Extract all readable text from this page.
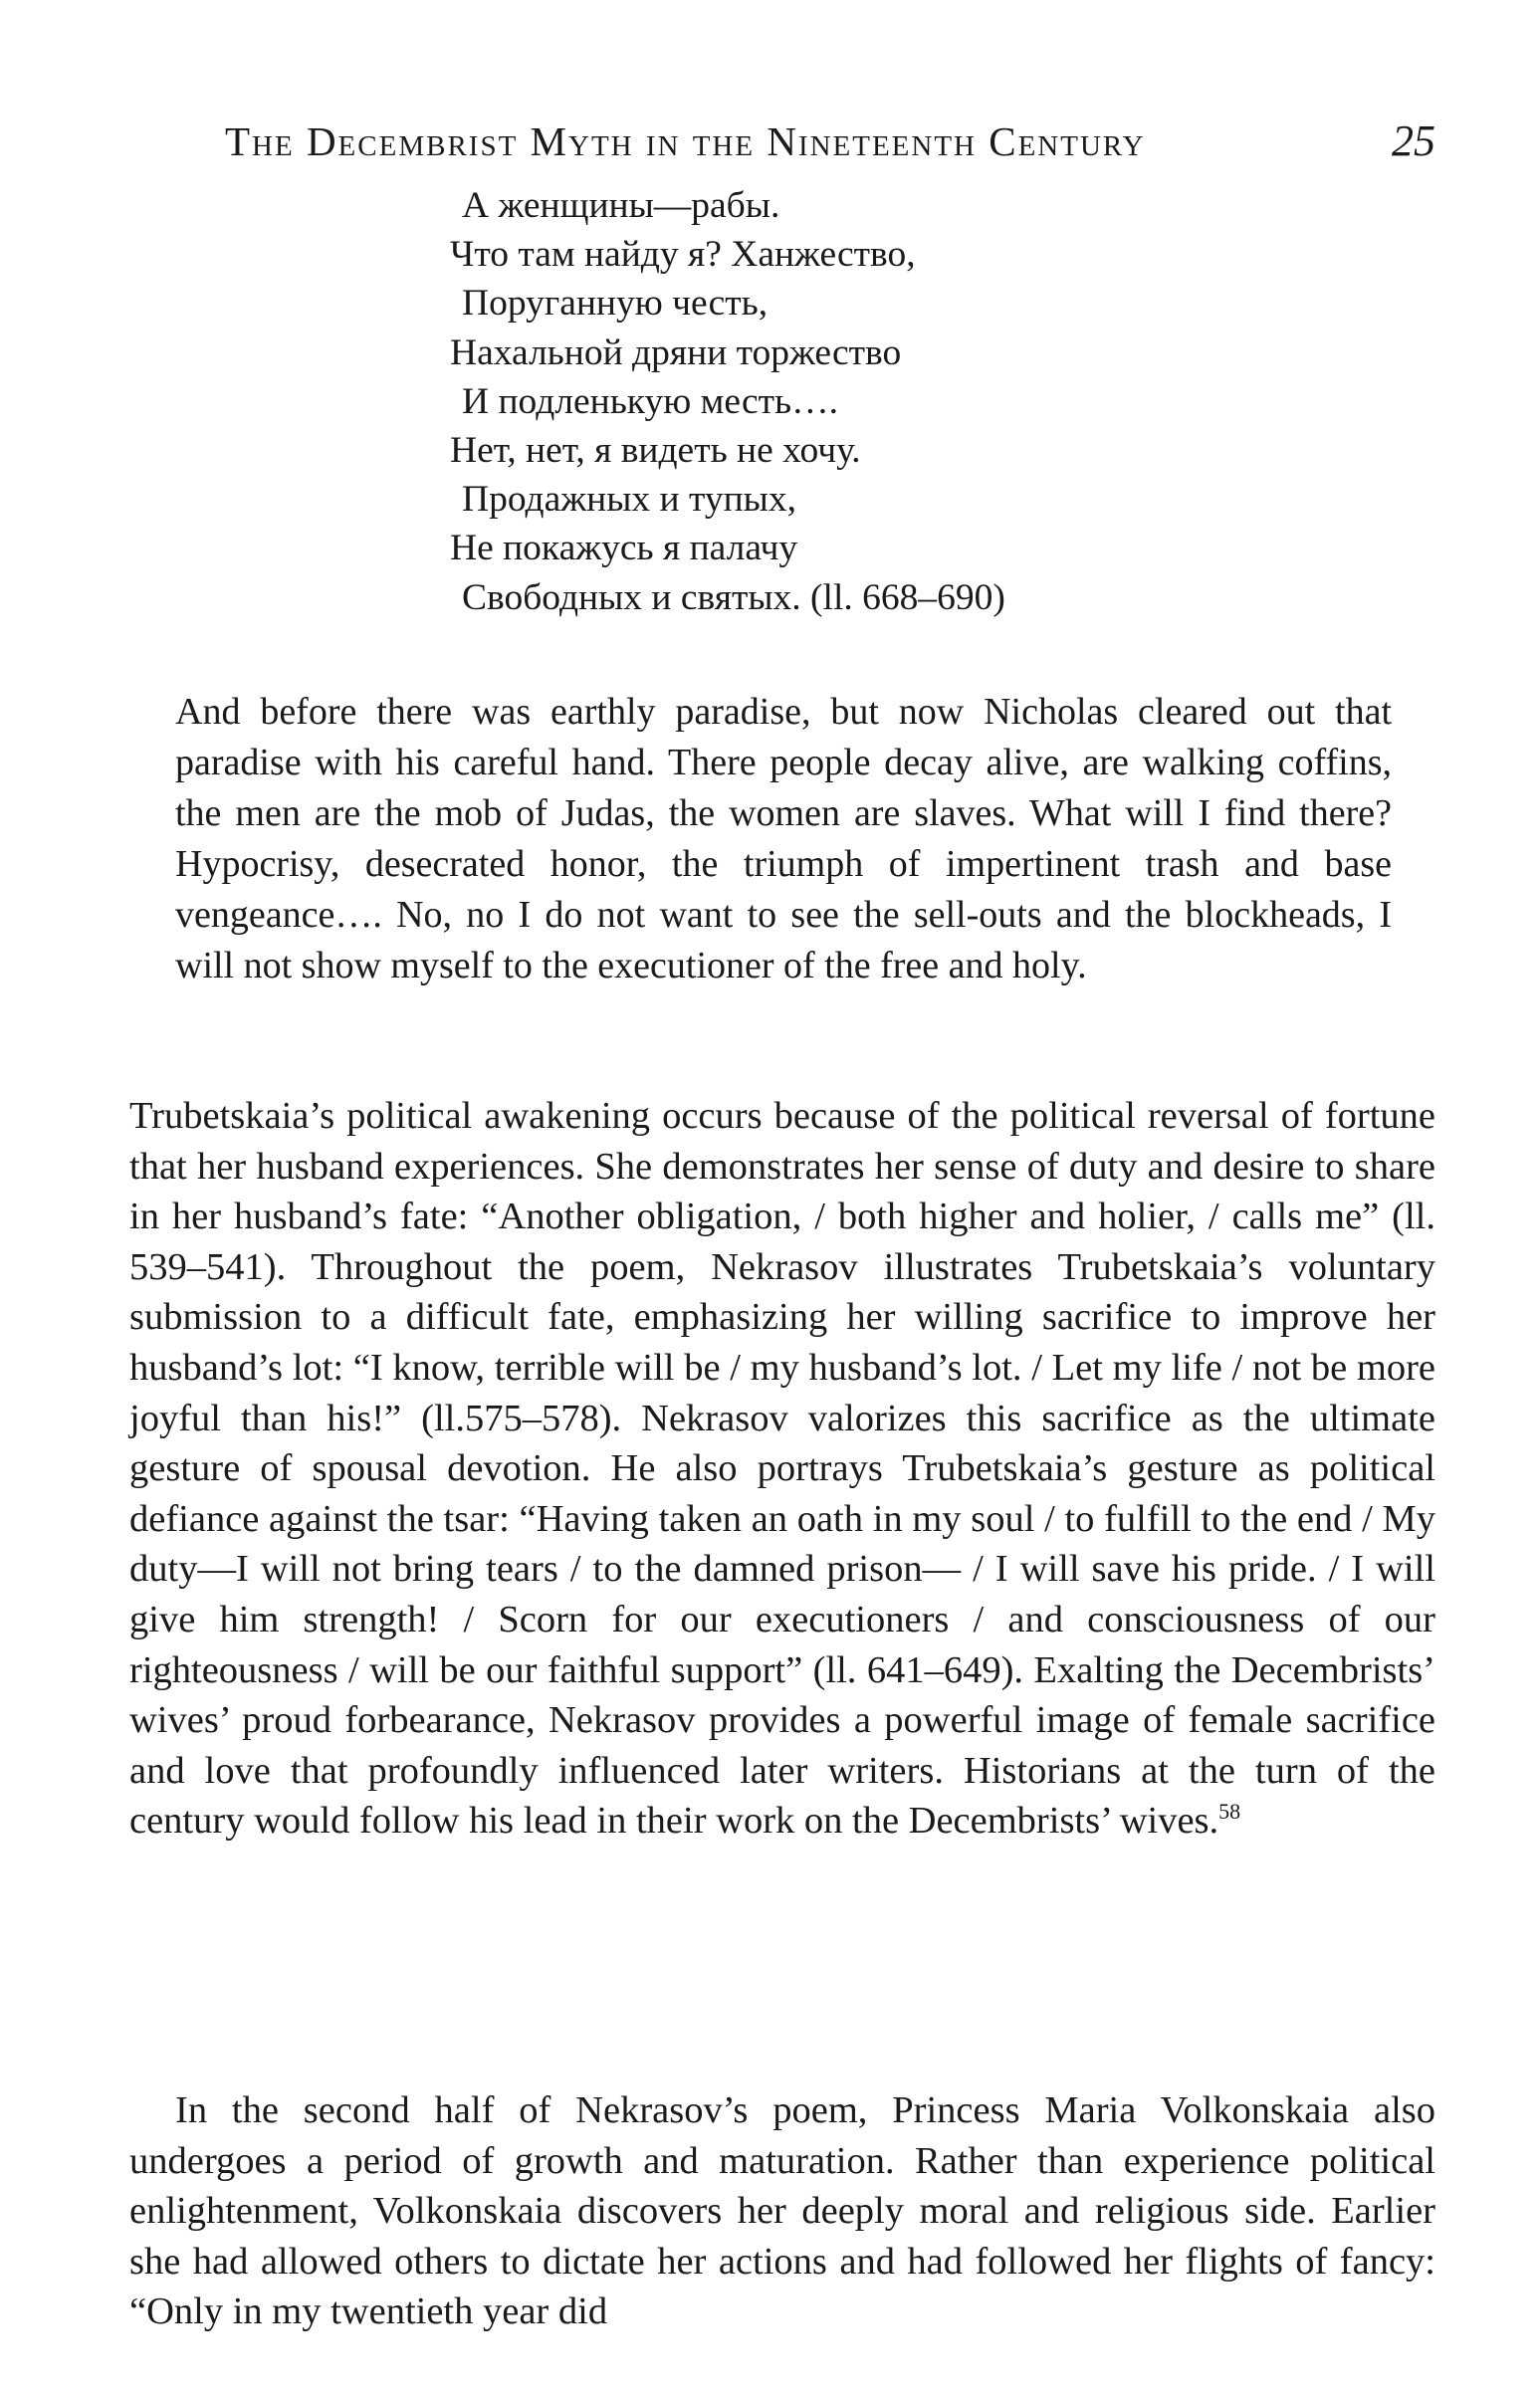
The Decembrist Myth in the Nineteenth Century	25
А женщины—рабы.
Что там найду я? Ханжество,
Поруганную честь,
Нахальной дряни торжество
И подленькую месть….
Нет, нет, я видеть не хочу.
Продажных и тупых,
Не покажусь я палачу
Свободных и святых. (ll. 668–690)
And before there was earthly paradise, but now Nicholas cleared out that paradise with his careful hand. There people decay alive, are walking coffins, the men are the mob of Judas, the women are slaves. What will I find there? Hypocrisy, desecrated honor, the triumph of impertinent trash and base vengeance…. No, no I do not want to see the sell-outs and the blockheads, I will not show myself to the executioner of the free and holy.

Trubetskaia’s political awakening occurs because of the political reversal of fortune that her husband experiences. She demonstrates her sense of duty and desire to share in her husband’s fate: “Another obligation, / both higher and holier, / calls me” (ll. 539–541). Throughout the poem, Nekrasov illustrates Trubetskaia’s voluntary submission to a difficult fate, emphasizing her willing sacrifice to improve her husband’s lot: “I know, terrible will be / my husband’s lot. / Let my life / not be more joyful than his!” (ll.575–578). Nekrasov valorizes this sacrifice as the ultimate gesture of spousal devotion. He also portrays Trubetskaia’s gesture as political defiance against the tsar: “Having taken an oath in my soul / to fulfill to the end / My duty—I will not bring tears / to the damned prison— / I will save his pride. / I will give him strength! / Scorn for our executioners / and consciousness of our righteousness / will be our faithful support” (ll. 641–649). Exalting the Decembrists’ wives’ proud forbearance, Nekrasov provides a powerful image of female sacrifice and love that profoundly influenced later writers. Historians at the turn of the century would follow his lead in their work on the Decembrists’ wives.$^{58}$

In the second half of Nekrasov’s poem, Princess Maria Volkonskaia also undergoes a period of growth and maturation. Rather than experience political enlightenment, Volkonskaia discovers her deeply moral and religious side. Earlier she had allowed others to dictate her actions and had followed her flights of fancy: “Only in my twentieth year did
